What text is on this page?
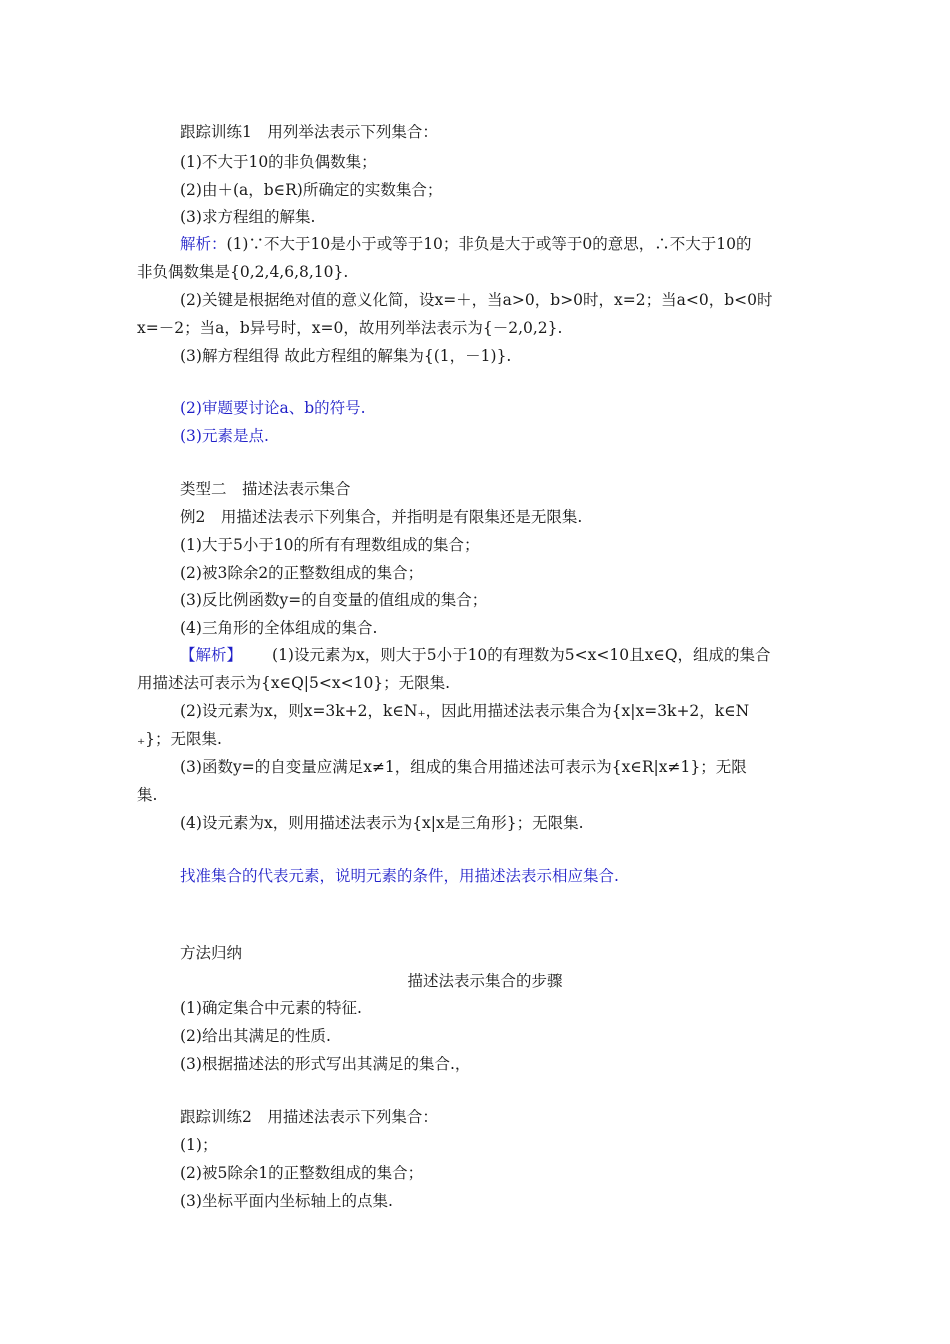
跟踪训练1　用列举法表示下列集合：
(1)不大于10的非负偶数集；
(2)由＋(a，b∈R)所确定的实数集合；
(3)求方程组的解集.
解析：(1)∵不大于10是小于或等于10；非负是大于或等于0的意思，∴不大于10的
非负偶数集是{0,2,4,6,8,10}.
(2)关键是根据绝对值的意义化简，设x=＋，当a>0，b>0时，x=2；当a<0，b<0时
x=－2；当a，b异号时，x=0，故用列举法表示为{－2,0,2}.
(3)解方程组得 故此方程组的解集为{(1，－1)}.
(2)审题要讨论a、b的符号.
(3)元素是点.
类型二　描述法表示集合
例2　用描述法表示下列集合，并指明是有限集还是无限集.
(1)大于5小于10的所有有理数组成的集合；
(2)被3除余2的正整数组成的集合；
(3)反比例函数y=的自变量的值组成的集合；
(4)三角形的全体组成的集合.
【解析】 (1)设元素为x，则大于5小于10的有理数为5<x<10且x∈Q，组成的集合
用描述法可表示为{x∈Q|5<x<10}；无限集.
(2)设元素为x，则x=3k+2，k∈N₊，因此用描述法表示集合为{x|x=3k+2，k∈N
₊}；无限集.
(3)函数y=的自变量应满足x≠1，组成的集合用描述法可表示为{x∈R|x≠1}；无限
集.
(4)设元素为x，则用描述法表示为{x|x是三角形}；无限集.
找准集合的代表元素，说明元素的条件，用描述法表示相应集合.
方法归纳
描述法表示集合的步骤
(1)确定集合中元素的特征.
(2)给出其满足的性质.
(3)根据描述法的形式写出其满足的集合.，
跟踪训练2　用描述法表示下列集合：
(1)；
(2)被5除余1的正整数组成的集合；
(3)坐标平面内坐标轴上的点集.
